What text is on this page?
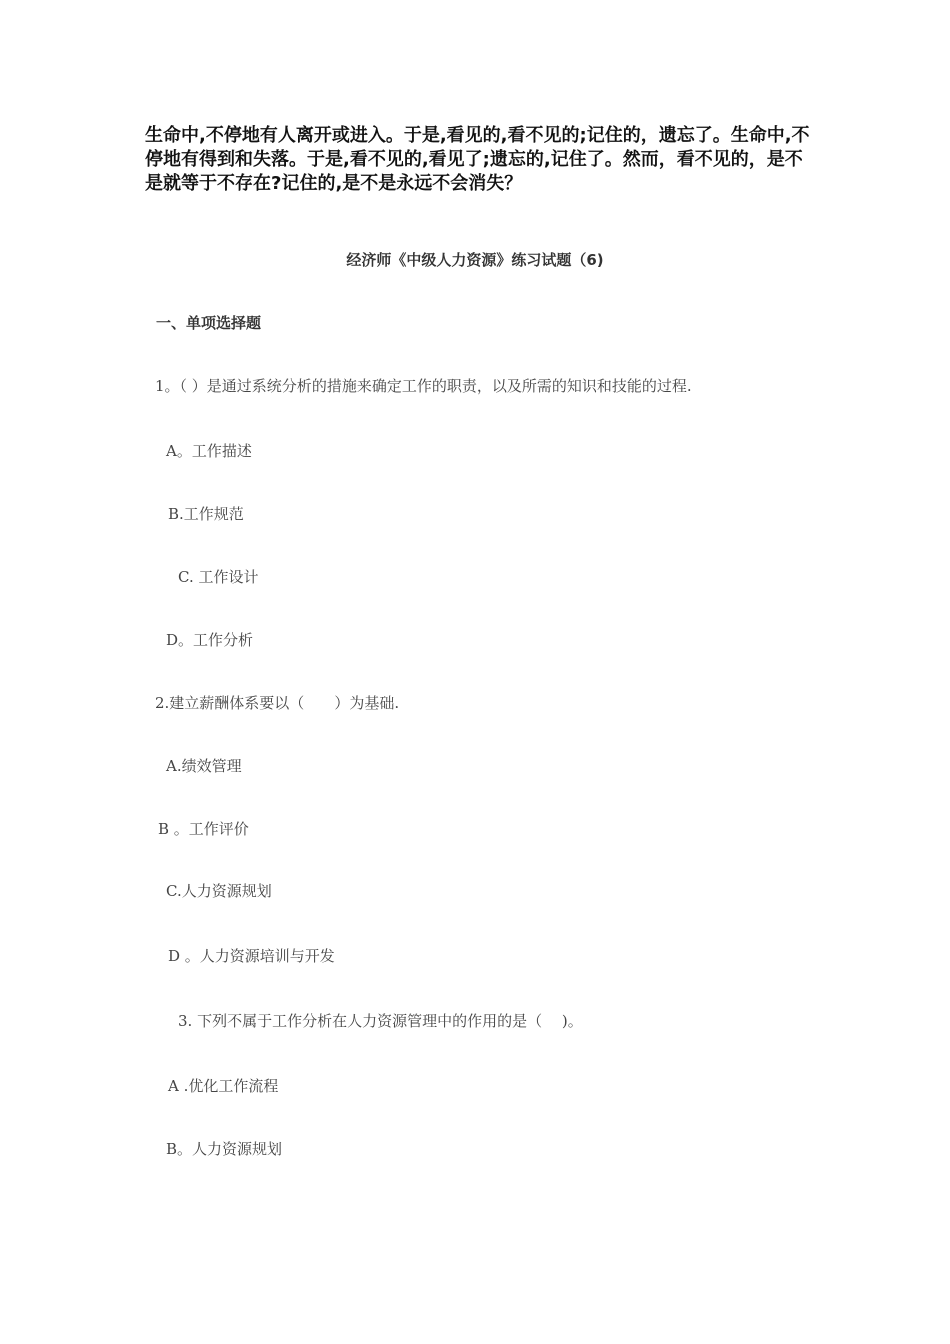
生命中,不停地有人离开或进入。于是,看见的,看不见的;记住的，遗忘了。生命中,不停地有得到和失落。于是,看不见的,看见了;遗忘的,记住了。然而，看不见的，是不是就等于不存在?记住的,是不是永远不会消失？

经济师《中级人力资源》练习试题（6)

一、单项选择题

1。（ ）是通过系统分析的措施来确定工作的职责，以及所需的知识和技能的过程.

A。工作描述

B.工作规范

C. 工作设计

D。工作分析

2.建立薪酬体系要以（　　）为基础.

A.绩效管理

B 。工作评价

C.人力资源规划

D 。人力资源培训与开发

3. 下列不属于工作分析在人力资源管理中的作用的是（　 )。

A .优化工作流程

B。人力资源规划
